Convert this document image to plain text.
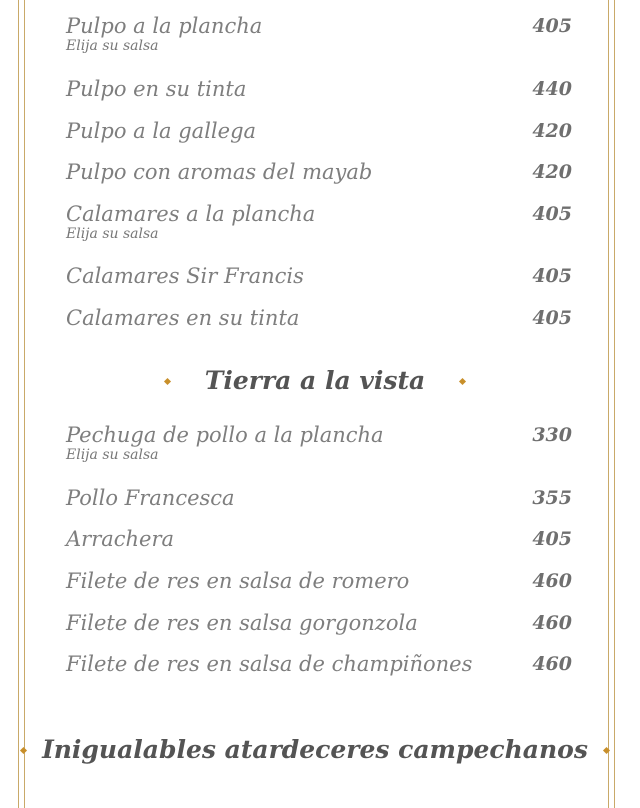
Pulpo a la plancha	405
Elija su salsa
Pulpo en su tinta	440
Pulpo a la gallega	420
Pulpo con aromas del mayab	420
Calamares a la plancha	405
Elija su salsa
Calamares Sir Francis	405
Calamares en su tinta	405
Tierra a la vista
Pechuga de pollo a la plancha	330
Elija su salsa
Pollo Francesca	355
Arrachera	405
Filete de res en salsa de romero	460
Filete de res en salsa gorgonzola	460
Filete de res en salsa de champiñones	460
Inigualables atardeceres campechanos
